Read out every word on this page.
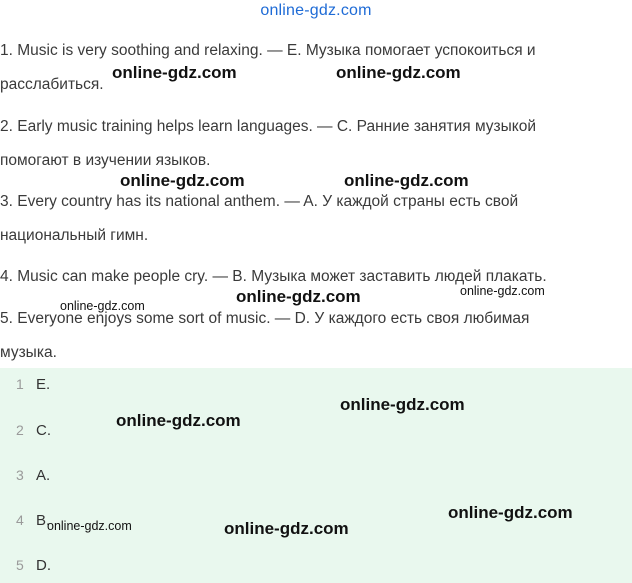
online-gdz.com
1. Music is very soothing and relaxing. — E. Музыка помогает успокоиться и
расслабиться.
2. Early music training helps learn languages. — C. Ранние занятия музыкой
помогают в изучении языков.
3. Every country has its national anthem. — A. У каждой страны есть свой
национальный гимн.
4. Music can make people cry. — B. Музыка может заставить людей плакать.
5. Everyone enjoys some sort of music. — D. У каждого есть своя любимая
музыка.
1 E.
2 C.
3 A.
4 B.
5 D.
online-gdz.com	online-gdz.com
online-gdz.com	online-gdz.com
online-gdz.com
online-gdz.com
online-gdz.com
online-gdz.com
online-gdz.com
online-gdz.com
online-gdz.com
online-gdz.com
